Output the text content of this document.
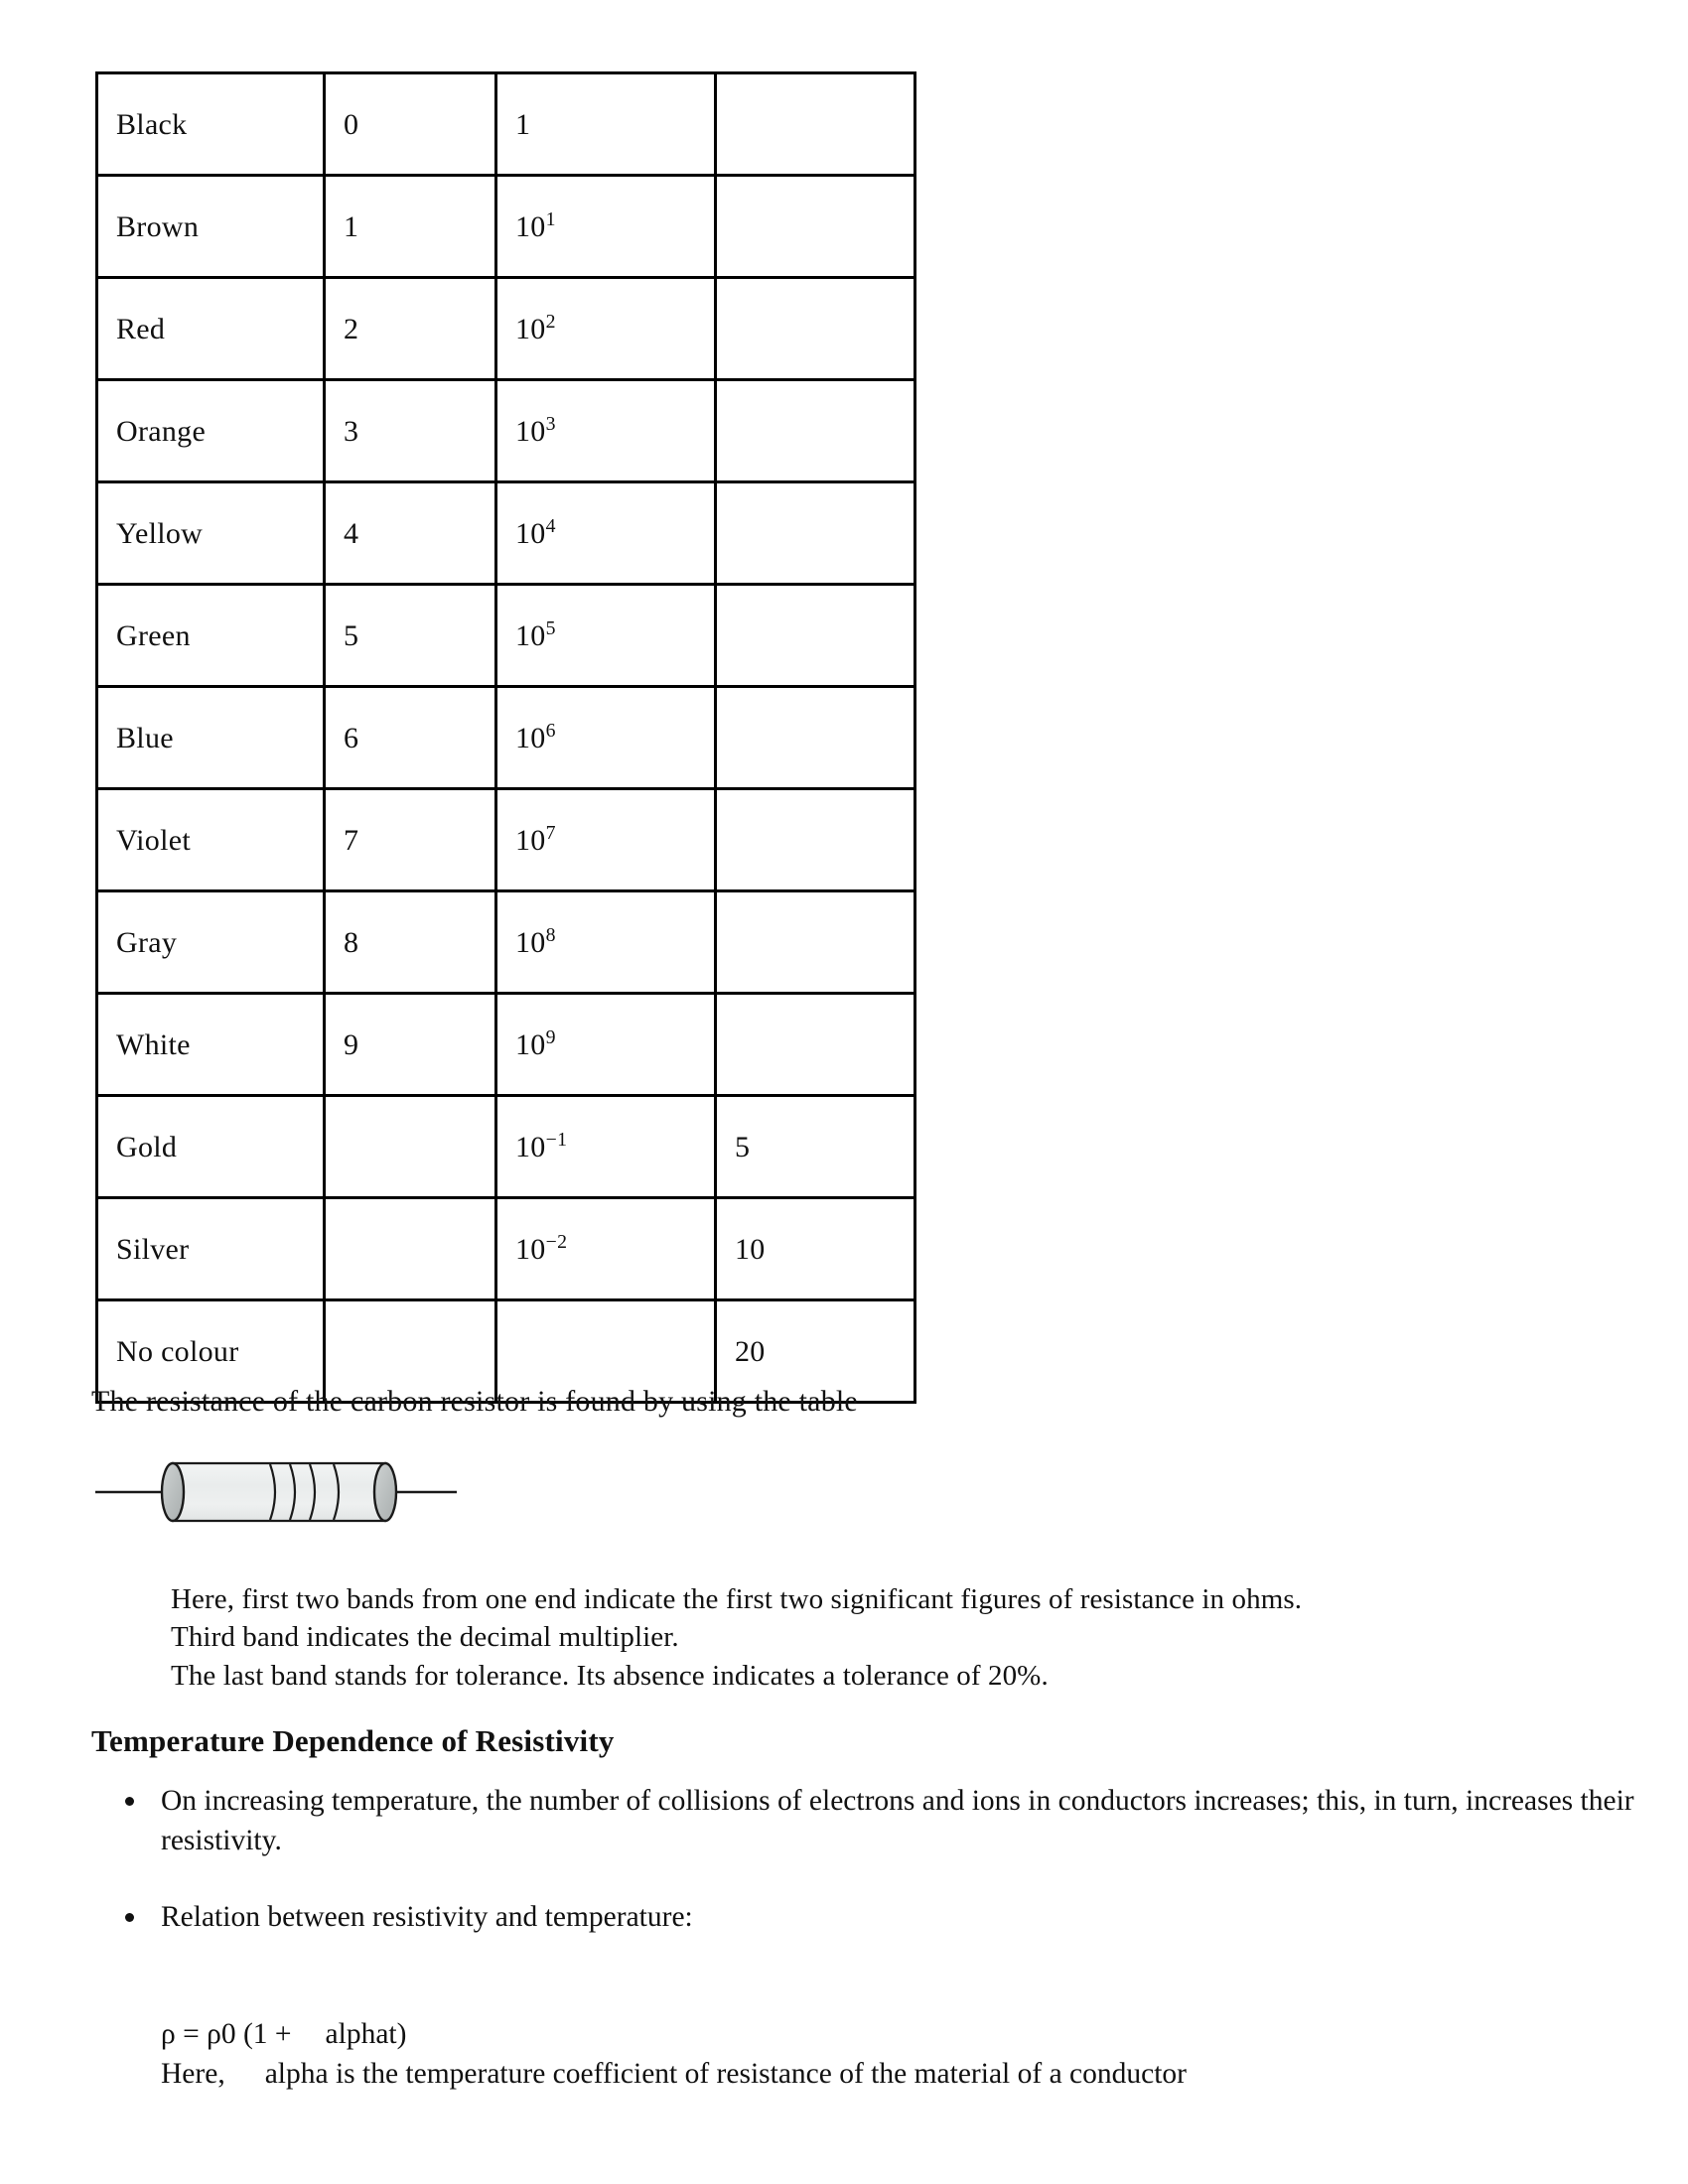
Black	0	1	
Brown	1	$10^1$	
Red	2	$10^2$	
Orange	3	$10^3$	
Yellow	4	$10^4$	
Green	5	$10^5$	
Blue	6	$10^6$	
Violet	7	$10^7$	
Gray	8	$10^8$	
White	9	$10^9$	
Gold		$10^{-1}$	5
Silver		$10^{-2}$	10
No colour			20
The resistance of the carbon resistor is found by using the table
Here, first two bands from one end indicate the first two significant figures of resistance in ohms.
Third band indicates the decimal multiplier.
The last band stands for tolerance. Its absence indicates a tolerance of 20%.
Temperature Dependence of Resistivity
On increasing temperature, the number of collisions of electrons and ions in conductors increases; this, in turn, increases their resistivity.
Relation between resistivity and temperature:
ρ = ρ0 (1 + alphat)
Here, alpha is the temperature coefficient of resistance of the material of a conductor
